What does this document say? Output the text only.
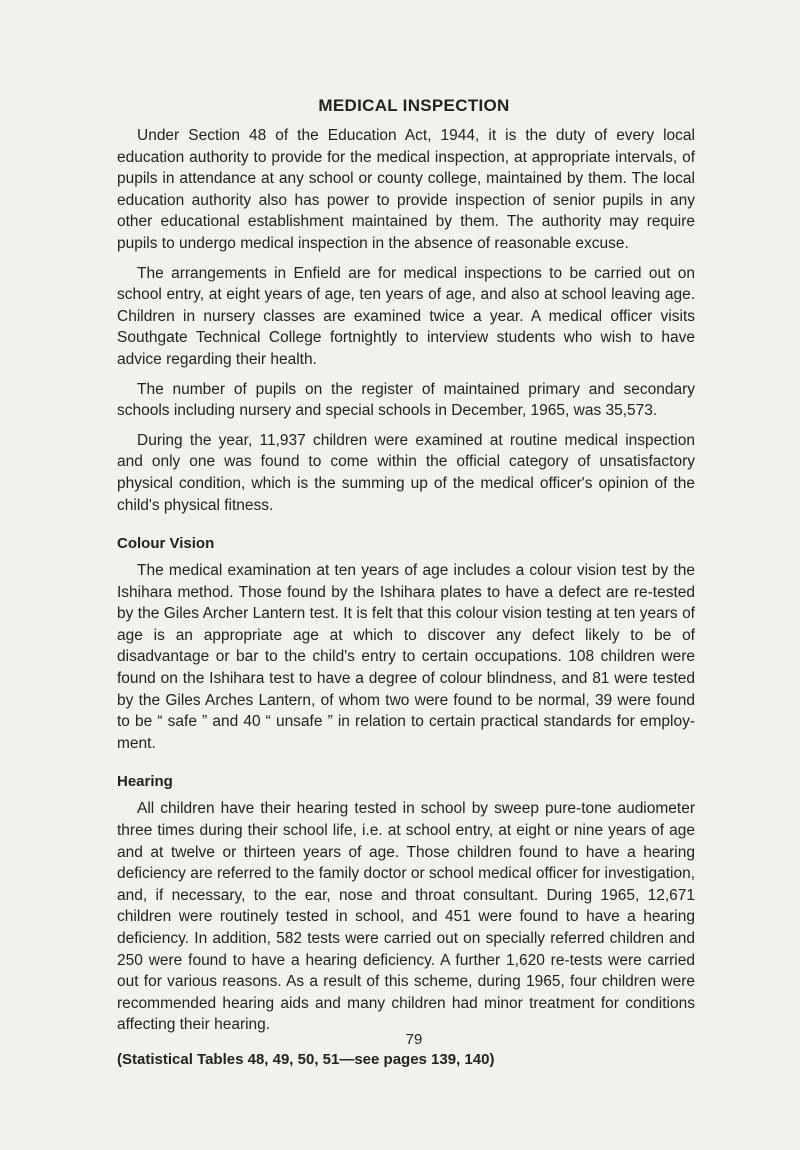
MEDICAL INSPECTION

Under Section 48 of the Education Act, 1944, it is the duty of every local education authority to provide for the medical inspection, at appropriate intervals, of pupils in attendance at any school or county college, maintained by them. The local education authority also has power to provide inspection of senior pupils in any other educational establishment maintained by them. The authority may require pupils to undergo medical inspection in the absence of reasonable excuse.

The arrangements in Enfield are for medical inspections to be carried out on school entry, at eight years of age, ten years of age, and also at school leaving age. Children in nursery classes are examined twice a year. A medical officer visits Southgate Technical College fortnightly to interview students who wish to have advice regarding their health.

The number of pupils on the register of maintained primary and secondary schools including nursery and special schools in December, 1965, was 35,573.

During the year, 11,937 children were examined at routine medical inspection and only one was found to come within the official category of unsatisfactory physical condition, which is the summing up of the medical officer's opinion of the child's physical fitness.

Colour Vision

The medical examination at ten years of age includes a colour vision test by the Ishihara method. Those found by the Ishihara plates to have a defect are re-tested by the Giles Archer Lantern test. It is felt that this colour vision testing at ten years of age is an appropriate age at which to discover any defect likely to be of disadvantage or bar to the child's entry to certain occupations. 108 children were found on the Ishihara test to have a degree of colour blindness, and 81 were tested by the Giles Arches Lantern, of whom two were found to be normal, 39 were found to be “ safe ” and 40 “ unsafe ” in relation to certain practical standards for employ-ment.

Hearing

All children have their hearing tested in school by sweep pure-tone audiometer three times during their school life, i.e. at school entry, at eight or nine years of age and at twelve or thirteen years of age. Those children found to have a hearing deficiency are referred to the family doctor or school medical officer for investigation, and, if necessary, to the ear, nose and throat consultant. During 1965, 12,671 children were routinely tested in school, and 451 were found to have a hearing deficiency. In addition, 582 tests were carried out on specially referred children and 250 were found to have a hearing deficiency. A further 1,620 re-tests were carried out for various reasons. As a result of this scheme, during 1965, four children were recommended hearing aids and many children had minor treatment for conditions affecting their hearing.

(Statistical Tables 48, 49, 50, 51—see pages 139, 140)
79
